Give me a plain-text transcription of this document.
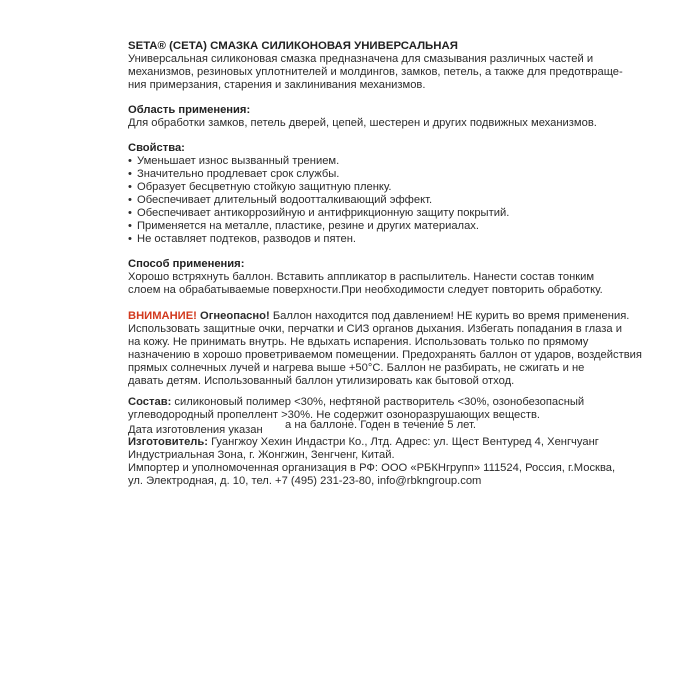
SETA® (СЕТА) СМАЗКА СИЛИКОНОВАЯ УНИВЕРСАЛЬНАЯ
Универсальная силиконовая смазка предназначена для смазывания различных частей и
механизмов, резиновых уплотнителей и молдингов, замков, петель, а также для предотвраще-
ния примерзания, старения и заклинивания механизмов.
Область применения:
Для обработки замков, петель дверей, цепей, шестерен и других подвижных механизмов.
Свойства:
• Уменьшает износ вызванный трением.
• Значительно продлевает срок службы.
• Образует бесцветную стойкую защитную пленку.
• Обеспечивает длительный водоотталкивающий эффект.
• Обеспечивает антикоррозийную и антифрикционную защиту покрытий.
• Применяется на металле, пластике, резине и других материалах.
• Не оставляет подтеков, разводов и пятен.
Способ применения:
Хорошо встряхнуть баллон. Вставить аппликатор в распылитель. Нанести состав тонким
слоем на обрабатываемые поверхности.При необходимости следует повторить обработку.
ВНИМАНИЕ! Огнеопасно! Баллон находится под давлением! НЕ курить во время применения.
Использовать защитные очки, перчатки и СИЗ органов дыхания. Избегать попадания в глаза и
на кожу. Не принимать внутрь. Не вдыхать испарения. Использовать только по прямому
назначению в хорошо проветриваемом помещении. Предохранять баллон от ударов, воздействия
прямых солнечных лучей и нагрева выше +50°С. Баллон не разбирать, не сжигать и не
давать детям. Использованный баллон утилизировать как бытовой отход.
Состав: силиконовый полимер <30%, нефтяной растворитель <30%, озонобезопасный
углеводородный пропеллент >30%. Не содержит озоноразрушающих веществ.
Дата изготовления указан а на баллоне. Годен в течение 5 лет.
Изготовитель: Гуангжоу Хехин Индастри Ко., Лтд. Адрес: ул. Щест Вентуред 4, Хенгчуанг
Индустриальная Зона, г. Жонгжин, Зенгченг, Китай.
Импортер и уполномоченная организация в РФ: ООО «РБКНгрупп» 111524, Россия, г.Москва,
ул. Электродная, д. 10, тел. +7 (495) 231-23-80, info@rbkngroup.com
